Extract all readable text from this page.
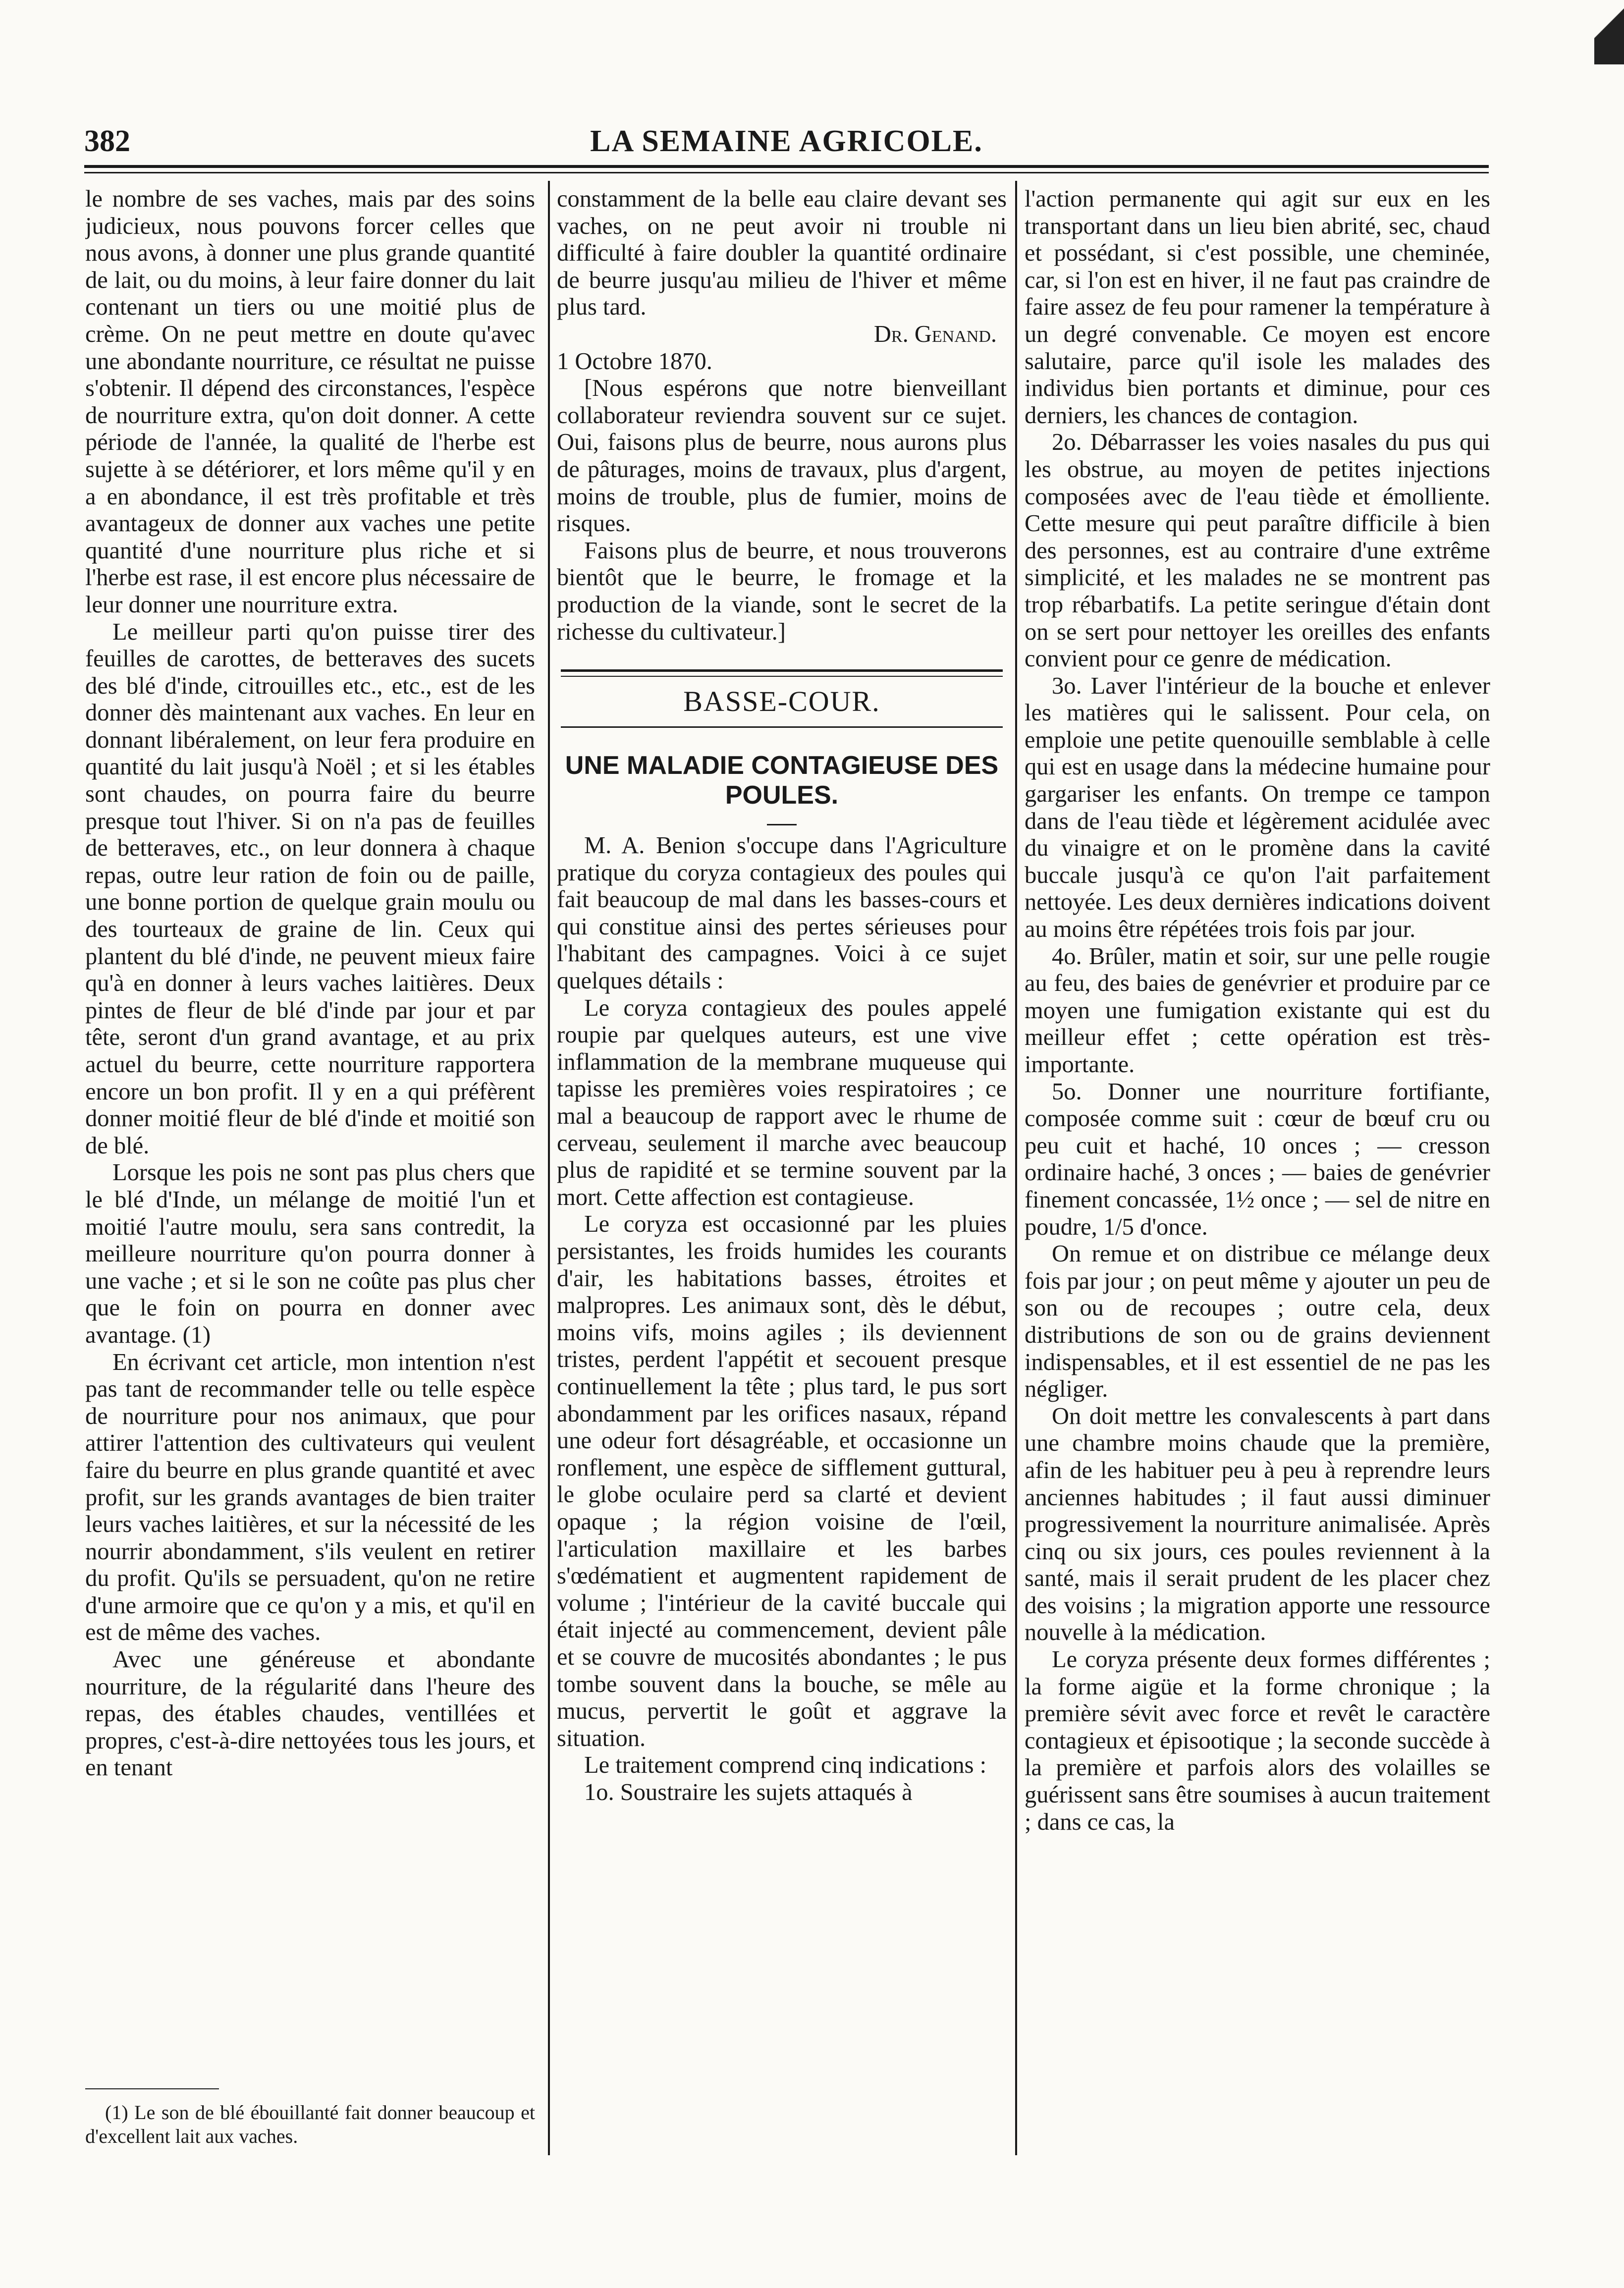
382	LA SEMAINE AGRICOLE.

le nombre de ses vaches, mais par des soins judicieux, nous pouvons forcer celles que nous avons, à donner une plus grande quantité de lait, ou du moins, à leur faire donner du lait contenant un tiers ou une moitié plus de crème. On ne peut mettre en doute qu'avec une abondante nourriture, ce résultat ne puisse s'obtenir. Il dépend des circonstances, l'espèce de nourriture extra, qu'on doit donner. A cette période de l'année, la qualité de l'herbe est sujette à se détériorer, et lors même qu'il y en a en abondance, il est très profitable et très avantageux de donner aux vaches une petite quantité d'une nourriture plus riche et si l'herbe est rase, il est encore plus nécessaire de leur donner une nourriture extra.

Le meilleur parti qu'on puisse tirer des feuilles de carottes, de betteraves des sucets des blé d'inde, citrouilles etc., etc., est de les donner dès maintenant aux vaches. En leur en donnant libéralement, on leur fera produire en quantité du lait jusqu'à Noël ; et si les étables sont chaudes, on pourra faire du beurre presque tout l'hiver. Si on n'a pas de feuilles de betteraves, etc., on leur donnera à chaque repas, outre leur ration de foin ou de paille, une bonne portion de quelque grain moulu ou des tourteaux de graine de lin. Ceux qui plantent du blé d'inde, ne peuvent mieux faire qu'à en donner à leurs vaches laitières. Deux pintes de fleur de blé d'inde par jour et par tête, seront d'un grand avantage, et au prix actuel du beurre, cette nourriture rapportera encore un bon profit. Il y en a qui préfèrent donner moitié fleur de blé d'inde et moitié son de blé.

Lorsque les pois ne sont pas plus chers que le blé d'Inde, un mélange de moitié l'un et moitié l'autre moulu, sera sans contredit, la meilleure nourriture qu'on pourra donner à une vache ; et si le son ne coûte pas plus cher que le foin on pourra en donner avec avantage. (1)

En écrivant cet article, mon intention n'est pas tant de recommander telle ou telle espèce de nourriture pour nos animaux, que pour attirer l'attention des cultivateurs qui veulent faire du beurre en plus grande quantité et avec profit, sur les grands avantages de bien traiter leurs vaches laitières, et sur la nécessité de les nourrir abondamment, s'ils veulent en retirer du profit. Qu'ils se persuadent, qu'on ne retire d'une armoire que ce qu'on y a mis, et qu'il en est de même des vaches.

Avec une généreuse et abondante nourriture, de la régularité dans l'heure des repas, des étables chaudes, ventillées et propres, c'est-à-dire nettoyées tous les jours, et en tenant

(1) Le son de blé ébouillanté fait donner beaucoup et d'excellent lait aux vaches.

constamment de la belle eau claire devant ses vaches, on ne peut avoir ni trouble ni difficulté à faire doubler la quantité ordinaire de beurre jusqu'au milieu de l'hiver et même plus tard.

Dr. Genand.

1 Octobre 1870.

[Nous espérons que notre bienveillant collaborateur reviendra souvent sur ce sujet. Oui, faisons plus de beurre, nous aurons plus de pâturages, moins de travaux, plus d'argent, moins de trouble, plus de fumier, moins de risques.

Faisons plus de beurre, et nous trouverons bientôt que le beurre, le fromage et la production de la viande, sont le secret de la richesse du cultivateur.]

BASSE-COUR.

UNE MALADIE CONTAGIEUSE DES POULES.

M. A. Benion s'occupe dans l'Agriculture pratique du coryza contagieux des poules qui fait beaucoup de mal dans les basses-cours et qui constitue ainsi des pertes sérieuses pour l'habitant des campagnes. Voici à ce sujet quelques détails :

Le coryza contagieux des poules appelé roupie par quelques auteurs, est une vive inflammation de la membrane muqueuse qui tapisse les premières voies respiratoires ; ce mal a beaucoup de rapport avec le rhume de cerveau, seulement il marche avec beaucoup plus de rapidité et se termine souvent par la mort. Cette affection est contagieuse.

Le coryza est occasionné par les pluies persistantes, les froids humides les courants d'air, les habitations basses, étroites et malpropres. Les animaux sont, dès le début, moins vifs, moins agiles ; ils deviennent tristes, perdent l'appétit et secouent presque continuellement la tête ; plus tard, le pus sort abondamment par les orifices nasaux, répand une odeur fort désagréable, et occasionne un ronflement, une espèce de sifflement guttural, le globe oculaire perd sa clarté et devient opaque ; la région voisine de l'œil, l'articulation maxillaire et les barbes s'œdématient et augmentent rapidement de volume ; l'intérieur de la cavité buccale qui était injecté au commencement, devient pâle et se couvre de mucosités abondantes ; le pus tombe souvent dans la bouche, se mêle au mucus, pervertit le goût et aggrave la situation.

Le traitement comprend cinq indications :

1o. Soustraire les sujets attaqués à

l'action permanente qui agit sur eux en les transportant dans un lieu bien abrité, sec, chaud et possédant, si c'est possible, une cheminée, car, si l'on est en hiver, il ne faut pas craindre de faire assez de feu pour ramener la température à un degré convenable. Ce moyen est encore salutaire, parce qu'il isole les malades des individus bien portants et diminue, pour ces derniers, les chances de contagion.

2o. Débarrasser les voies nasales du pus qui les obstrue, au moyen de petites injections composées avec de l'eau tiède et émolliente. Cette mesure qui peut paraître difficile à bien des personnes, est au contraire d'une extrême simplicité, et les malades ne se montrent pas trop rébarbatifs. La petite seringue d'étain dont on se sert pour nettoyer les oreilles des enfants convient pour ce genre de médication.

3o. Laver l'intérieur de la bouche et enlever les matières qui le salissent. Pour cela, on emploie une petite quenouille semblable à celle qui est en usage dans la médecine humaine pour gargariser les enfants. On trempe ce tampon dans de l'eau tiède et légèrement acidulée avec du vinaigre et on le promène dans la cavité buccale jusqu'à ce qu'on l'ait parfaitement nettoyée. Les deux dernières indications doivent au moins être répétées trois fois par jour.

4o. Brûler, matin et soir, sur une pelle rougie au feu, des baies de genévrier et produire par ce moyen une fumigation existante qui est du meilleur effet ; cette opération est très-importante.

5o. Donner une nourriture fortifiante, composée comme suit : cœur de bœuf cru ou peu cuit et haché, 10 onces ; — cresson ordinaire haché, 3 onces ; — baies de genévrier finement concassée, 1½ once ; — sel de nitre en poudre, 1/5 d'once.

On remue et on distribue ce mélange deux fois par jour ; on peut même y ajouter un peu de son ou de recoupes ; outre cela, deux distributions de son ou de grains deviennent indispensables, et il est essentiel de ne pas les négliger.

On doit mettre les convalescents à part dans une chambre moins chaude que la première, afin de les habituer peu à peu à reprendre leurs anciennes habitudes ; il faut aussi diminuer progressivement la nourriture animalisée. Après cinq ou six jours, ces poules reviennent à la santé, mais il serait prudent de les placer chez des voisins ; la migration apporte une ressource nouvelle à la médication.

Le coryza présente deux formes différentes ; la forme aigüe et la forme chronique ; la première sévit avec force et revêt le caractère contagieux et épisootique ; la seconde succède à la première et parfois alors des volailles se guérissent sans être soumises à aucun traitement ; dans ce cas, la
